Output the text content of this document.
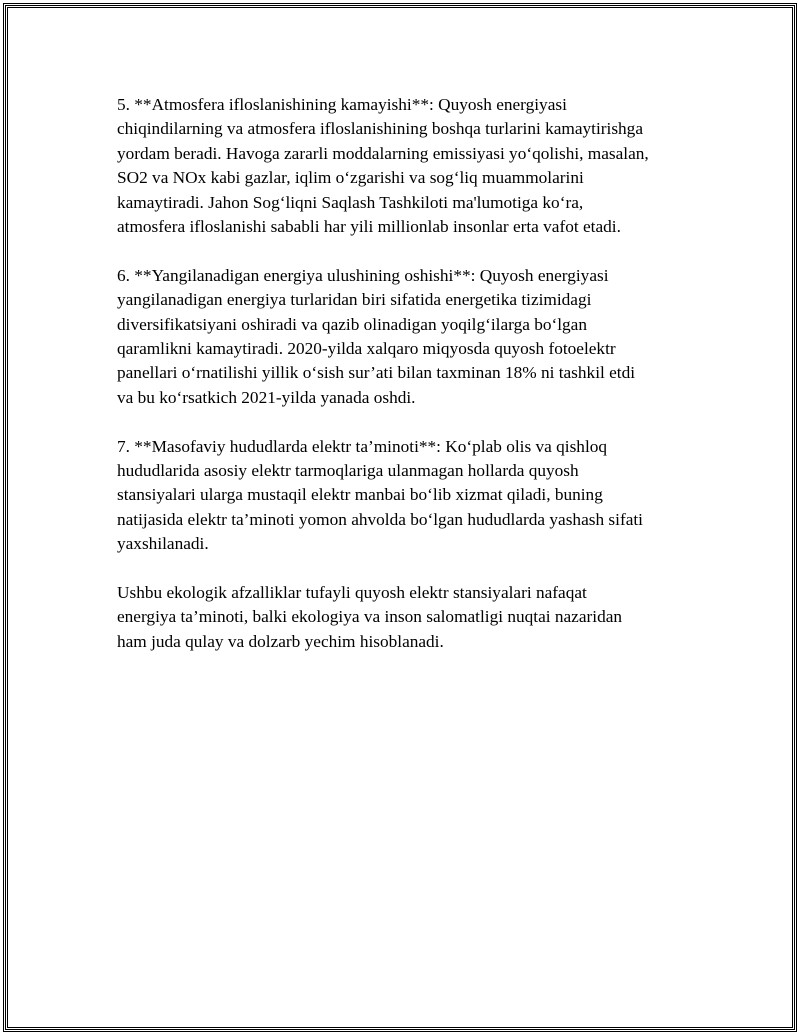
5. **Atmosfera ifloslanishining kamayishi**: Quyosh energiyasi
chiqindilarning va atmosfera ifloslanishining boshqa turlarini kamaytirishga
yordam beradi. Havoga zararli moddalarning emissiyasi yo‘qolishi, masalan,
SO2 va NOx kabi gazlar, iqlim o‘zgarishi va sog‘liq muammolarini
kamaytiradi. Jahon Sog‘liqni Saqlash Tashkiloti ma'lumotiga ko‘ra,
atmosfera ifloslanishi sababli har yili millionlab insonlar erta vafot etadi.

6. **Yangilanadigan energiya ulushining oshishi**: Quyosh energiyasi
yangilanadigan energiya turlaridan biri sifatida energetika tizimidagi
diversifikatsiyani oshiradi va qazib olinadigan yoqilg‘ilarga bo‘lgan
qaramlikni kamaytiradi. 2020-yilda xalqaro miqyosda quyosh fotoelektr
panellari o‘rnatilishi yillik o‘sish sur’ati bilan taxminan 18% ni tashkil etdi
va bu ko‘rsatkich 2021-yilda yanada oshdi.

7. **Masofaviy hududlarda elektr ta’minoti**: Ko‘plab olis va qishloq
hududlarida asosiy elektr tarmoqlariga ulanmagan hollarda quyosh
stansiyalari ularga mustaqil elektr manbai bo‘lib xizmat qiladi, buning
natijasida elektr ta’minoti yomon ahvolda bo‘lgan hududlarda yashash sifati
yaxshilanadi.

Ushbu ekologik afzalliklar tufayli quyosh elektr stansiyalari nafaqat
energiya ta’minoti, balki ekologiya va inson salomatligi nuqtai nazaridan
ham juda qulay va dolzarb yechim hisoblanadi.
